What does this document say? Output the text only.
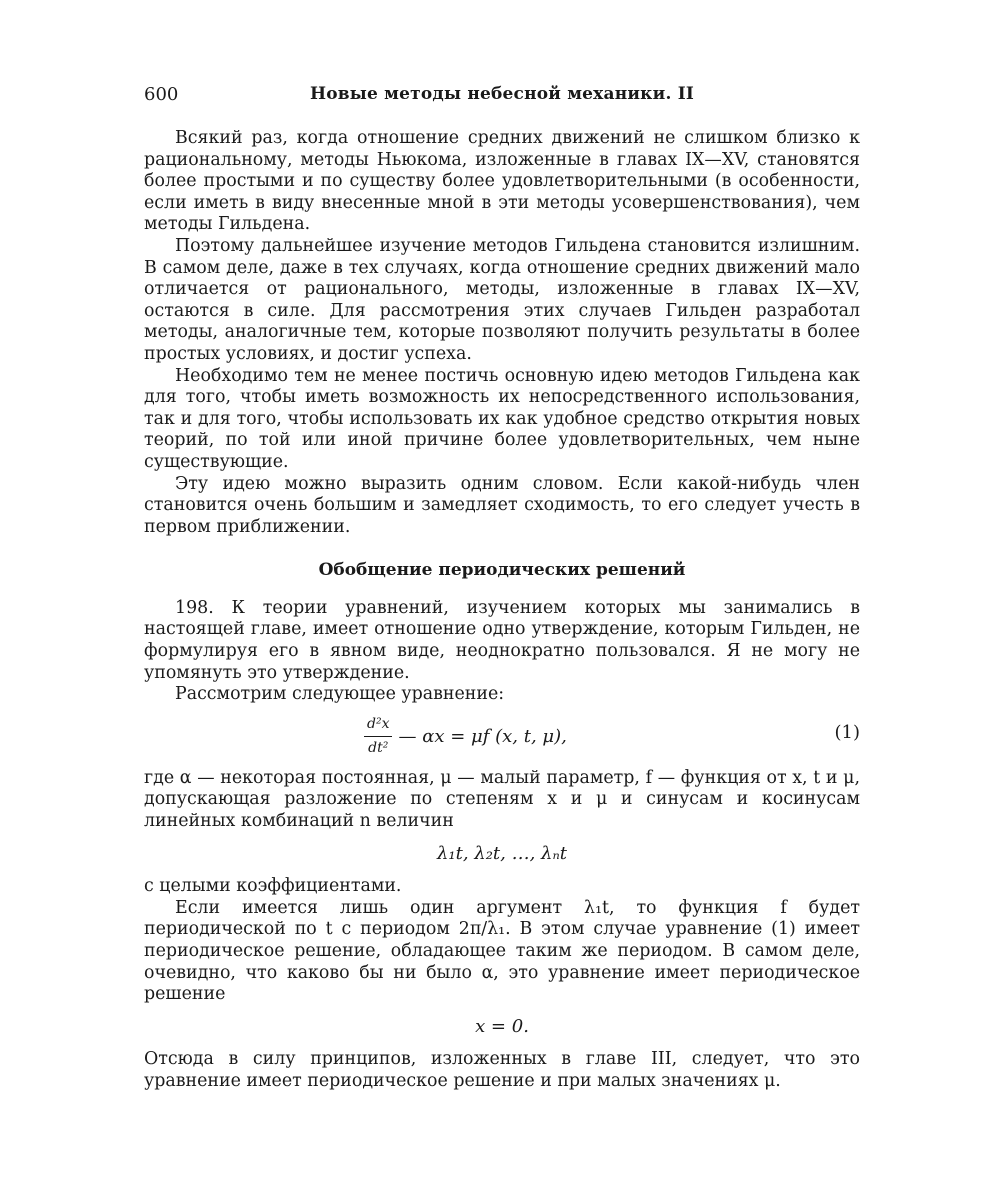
600	Новые методы небесной механики. II

Всякий раз, когда отношение средних движений не слишком близко к рациональному, методы Ньюкома, изложенные в главах IX—XV, становятся более простыми и по существу более удовлетворительными (в особенности, если иметь в виду внесенные мной в эти методы усовершенствования), чем методы Гильдена.

Поэтому дальнейшее изучение методов Гильдена становится излишним. В самом деле, даже в тех случаях, когда отношение средних движений мало отличается от рационального, методы, изложенные в главах IX—XV, остаются в силе. Для рассмотрения этих случаев Гильден разработал методы, аналогичные тем, которые позволяют получить результаты в более простых условиях, и достиг успеха.

Необходимо тем не менее постичь основную идею методов Гильдена как для того, чтобы иметь возможность их непосредственного использования, так и для того, чтобы использовать их как удобное средство открытия новых теорий, по той или иной причине более удовлетворительных, чем ныне существующие.

Эту идею можно выразить одним словом. Если какой-нибудь член становится очень большим и замедляет сходимость, то его следует учесть в первом приближении.

Обобщение периодических решений

198. К теории уравнений, изучением которых мы занимались в настоящей главе, имеет отношение одно утверждение, которым Гильден, не формулируя его в явном виде, неоднократно пользовался. Я не могу не упомянуть это утверждение.

Рассмотрим следующее уравнение:

$\frac{\text{d²x}}{\text{dt²}}$ — αx = μf (x, t, μ),	(1)

где α — некоторая постоянная, μ — малый параметр, f — функция от x, t и μ, допускающая разложение по степеням x и μ и синусам и косинусам линейных комбинаций n величин

λ₁t, λ₂t, …, λₙt

с целыми коэффициентами.

Если имеется лишь один аргумент λ₁t, то функция f будет периодической по t с периодом 2π/λ₁. В этом случае уравнение (1) имеет периодическое решение, обладающее таким же периодом. В самом деле, очевидно, что каково бы ни было α, это уравнение имеет периодическое решение

x = 0.

Отсюда в силу принципов, изложенных в главе III, следует, что это уравнение имеет периодическое решение и при малых значениях μ.
